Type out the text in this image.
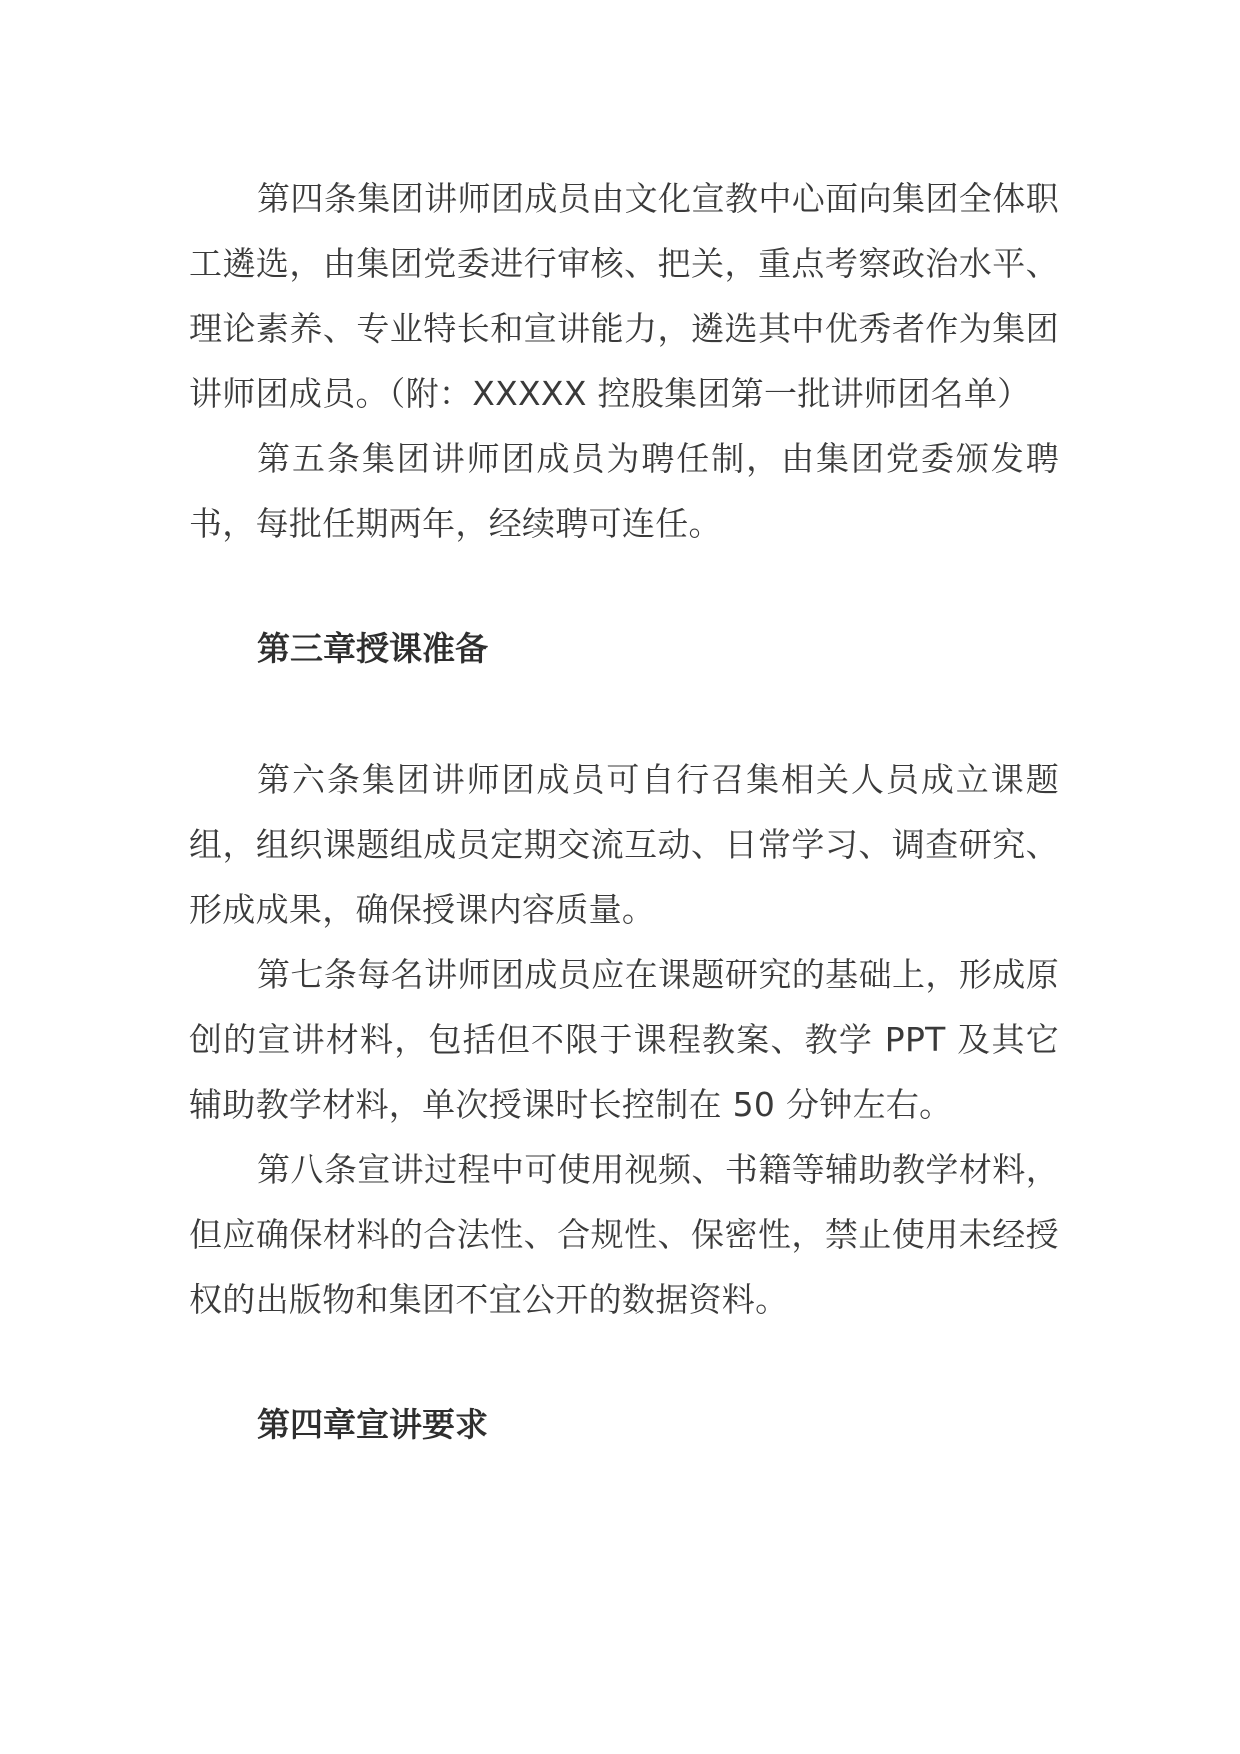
第四条集团讲师团成员由文化宣教中心面向集团全体职工遴选，由集团党委进行审核、把关，重点考察政治水平、理论素养、专业特长和宣讲能力，遴选其中优秀者作为集团讲师团成员。（附：XXXXX 控股集团第一批讲师团名单）

第五条集团讲师团成员为聘任制，由集团党委颁发聘书，每批任期两年，经续聘可连任。

第三章授课准备

第六条集团讲师团成员可自行召集相关人员成立课题组，组织课题组成员定期交流互动、日常学习、调查研究、形成成果，确保授课内容质量。

第七条每名讲师团成员应在课题研究的基础上，形成原创的宣讲材料，包括但不限于课程教案、教学 PPT 及其它辅助教学材料，单次授课时长控制在 50 分钟左右。

第八条宣讲过程中可使用视频、书籍等辅助教学材料，但应确保材料的合法性、合规性、保密性，禁止使用未经授权的出版物和集团不宜公开的数据资料。

第四章宣讲要求
